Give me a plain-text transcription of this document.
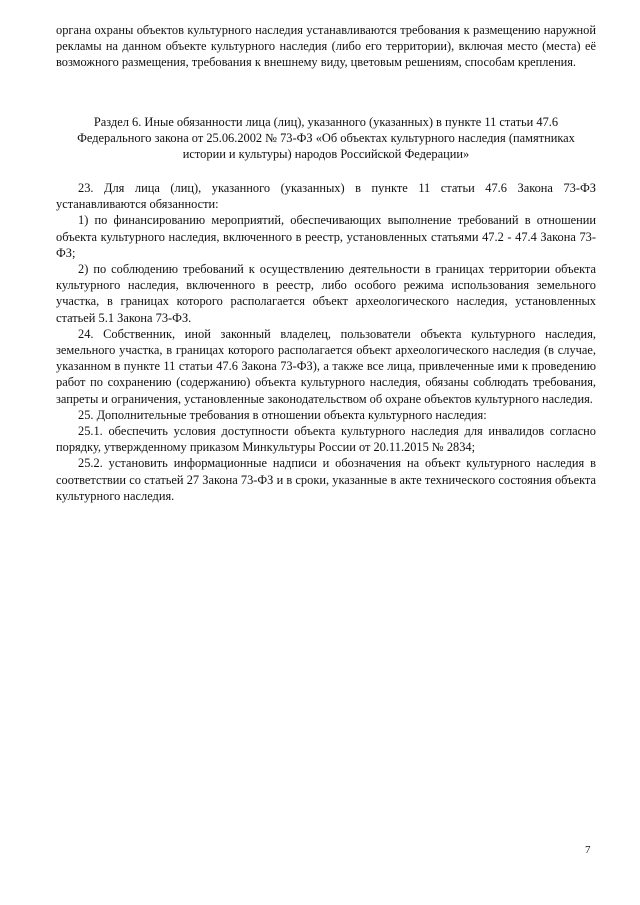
органа охраны объектов культурного наследия устанавливаются требования к размещению наружной рекламы на данном объекте культурного наследия (либо его территории), включая место (места) её возможного размещения, требования к внешнему виду, цветовым решениям, способам крепления.

Раздел 6. Иные обязанности лица (лиц), указанного (указанных) в пункте 11 статьи 47.6 Федерального закона от 25.06.2002 № 73-ФЗ «Об объектах культурного наследия (памятниках истории и культуры) народов Российской Федерации»

23. Для лица (лиц), указанного (указанных) в пункте 11 статьи 47.6 Закона 73-ФЗ устанавливаются обязанности:

1) по финансированию мероприятий, обеспечивающих выполнение требований в отношении объекта культурного наследия, включенного в реестр, установленных статьями 47.2 - 47.4 Закона 73-ФЗ;

2) по соблюдению требований к осуществлению деятельности в границах территории объекта культурного наследия, включенного в реестр, либо особого режима использования земельного участка, в границах которого располагается объект археологического наследия, установленных статьей 5.1 Закона 73-ФЗ.

24. Собственник, иной законный владелец, пользователи объекта культурного наследия, земельного участка, в границах которого располагается объект археологического наследия (в случае, указанном в пункте 11 статьи 47.6 Закона 73-ФЗ), а также все лица, привлеченные ими к проведению работ по сохранению (содержанию) объекта культурного наследия, обязаны соблюдать требования, запреты и ограничения, установленные законодательством об охране объектов культурного наследия.

25. Дополнительные требования в отношении объекта культурного наследия:

25.1. обеспечить условия доступности объекта культурного наследия для инвалидов согласно порядку, утвержденному приказом Минкультуры России от 20.11.2015 № 2834;

25.2. установить информационные надписи и обозначения на объект культурного наследия в соответствии со статьей 27 Закона 73-ФЗ и в сроки, указанные в акте технического состояния объекта культурного наследия.

7
